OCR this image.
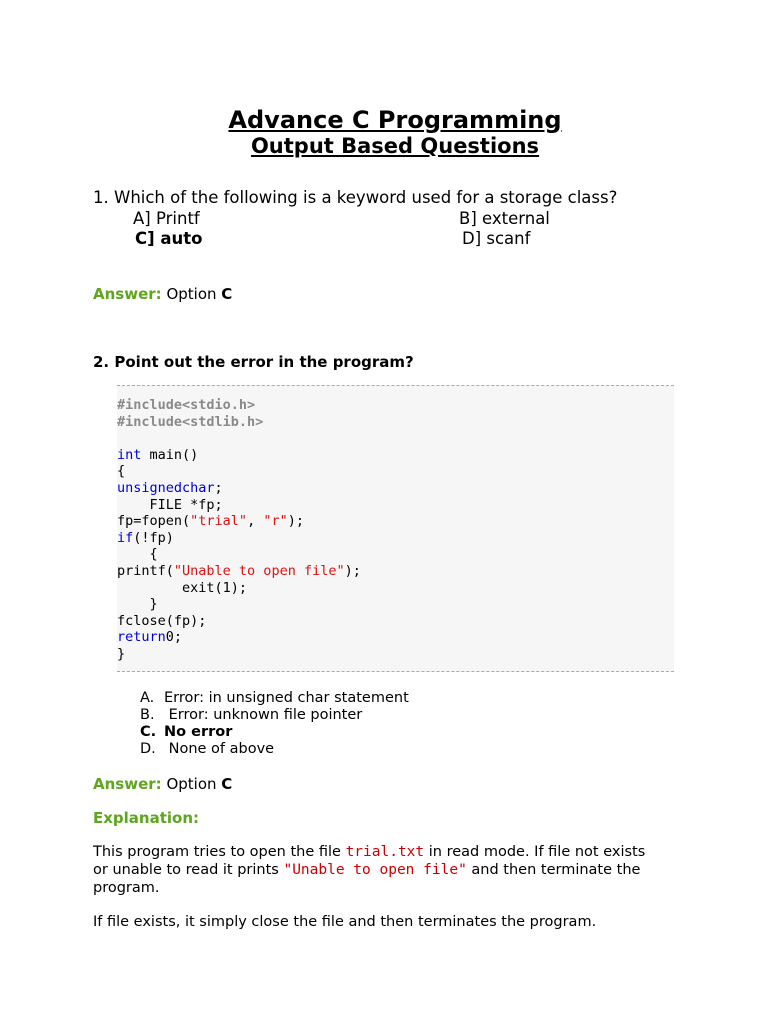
Advance C Programming
Output Based Questions
1. Which of the following is a keyword used for a storage class?
A] Printf	B] external
C] auto	D] scanf
Answer: Option C
2. Point out the error in the program?
#include<stdio.h>
#include<stdlib.h>

int main()
{
unsignedchar;
FILE *fp;
fp=fopen("trial", "r");
if(!fp)
{
printf("Unable to open file");
exit(1);
}
fclose(fp);
return0;
}
A. Error: in unsigned char statement
B. Error: unknown file pointer
C. No error
D. None of above
Answer: Option C
Explanation:
This program tries to open the file trial.txt in read mode. If file not exists or unable to read it prints "Unable to open file" and then terminate the program.
If file exists, it simply close the file and then terminates the program.
